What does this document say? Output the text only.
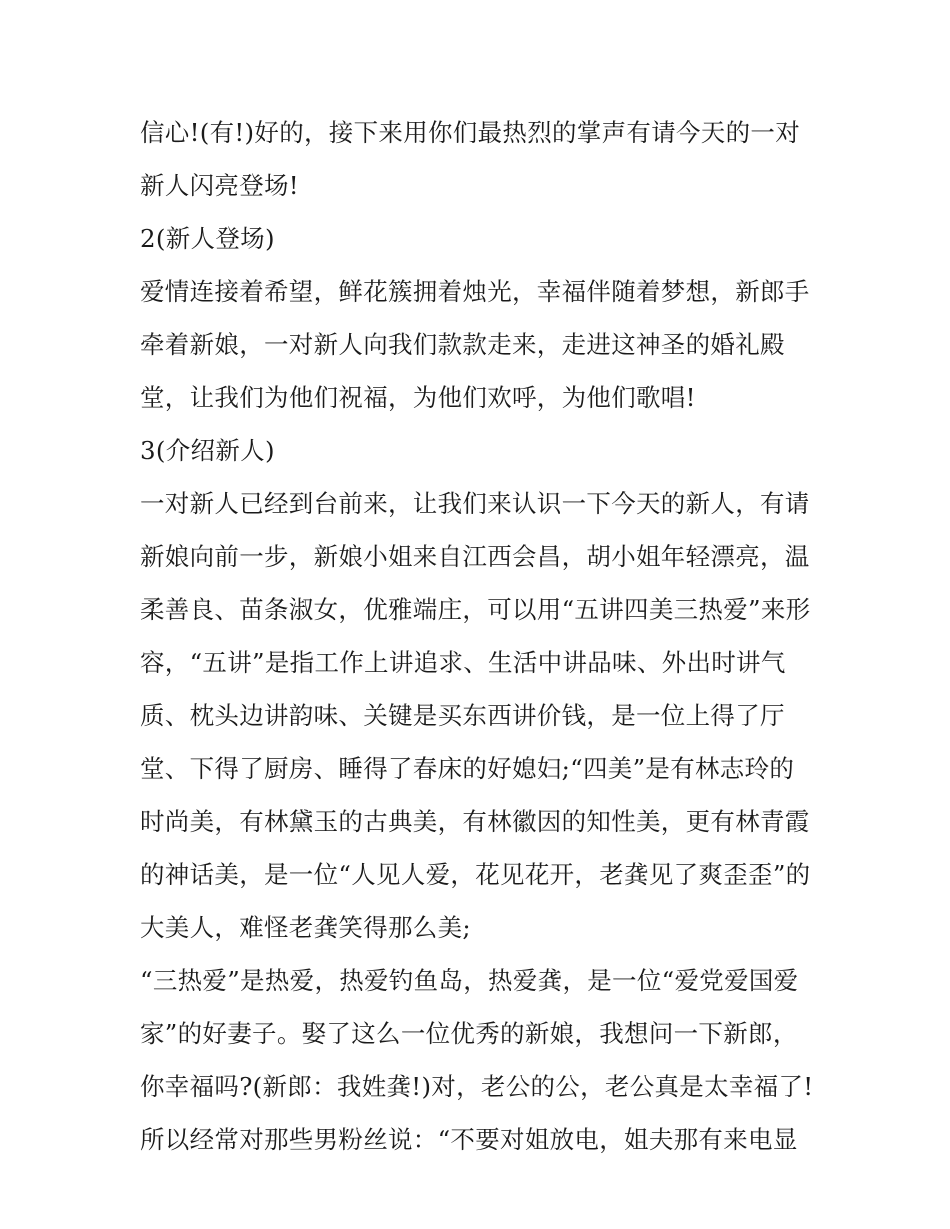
信心!(有!)好的，接下来用你们最热烈的掌声有请今天的一对
新人闪亮登场!
2(新人登场)
爱情连接着希望，鲜花簇拥着烛光，幸福伴随着梦想，新郎手
牵着新娘，一对新人向我们款款走来，走进这神圣的婚礼殿
堂，让我们为他们祝福，为他们欢呼，为他们歌唱!
3(介绍新人)
一对新人已经到台前来，让我们来认识一下今天的新人，有请
新娘向前一步，新娘小姐来自江西会昌，胡小姐年轻漂亮，温
柔善良、苗条淑女，优雅端庄，可以用“五讲四美三热爱”来形
容，“五讲”是指工作上讲追求、生活中讲品味、外出时讲气
质、枕头边讲韵味、关键是买东西讲价钱，是一位上得了厅
堂、下得了厨房、睡得了春床的好媳妇;“四美”是有林志玲的
时尚美，有林黛玉的古典美，有林徽因的知性美，更有林青霞
的神话美，是一位“人见人爱，花见花开，老龚见了爽歪歪”的
大美人，难怪老龚笑得那么美;
“三热爱”是热爱，热爱钓鱼岛，热爱龚，是一位“爱党爱国爱
家”的好妻子。娶了这么一位优秀的新娘，我想问一下新郎，
你幸福吗?(新郎：我姓龚!)对，老公的公，老公真是太幸福了!
所以经常对那些男粉丝说：“不要对姐放电，姐夫那有来电显
